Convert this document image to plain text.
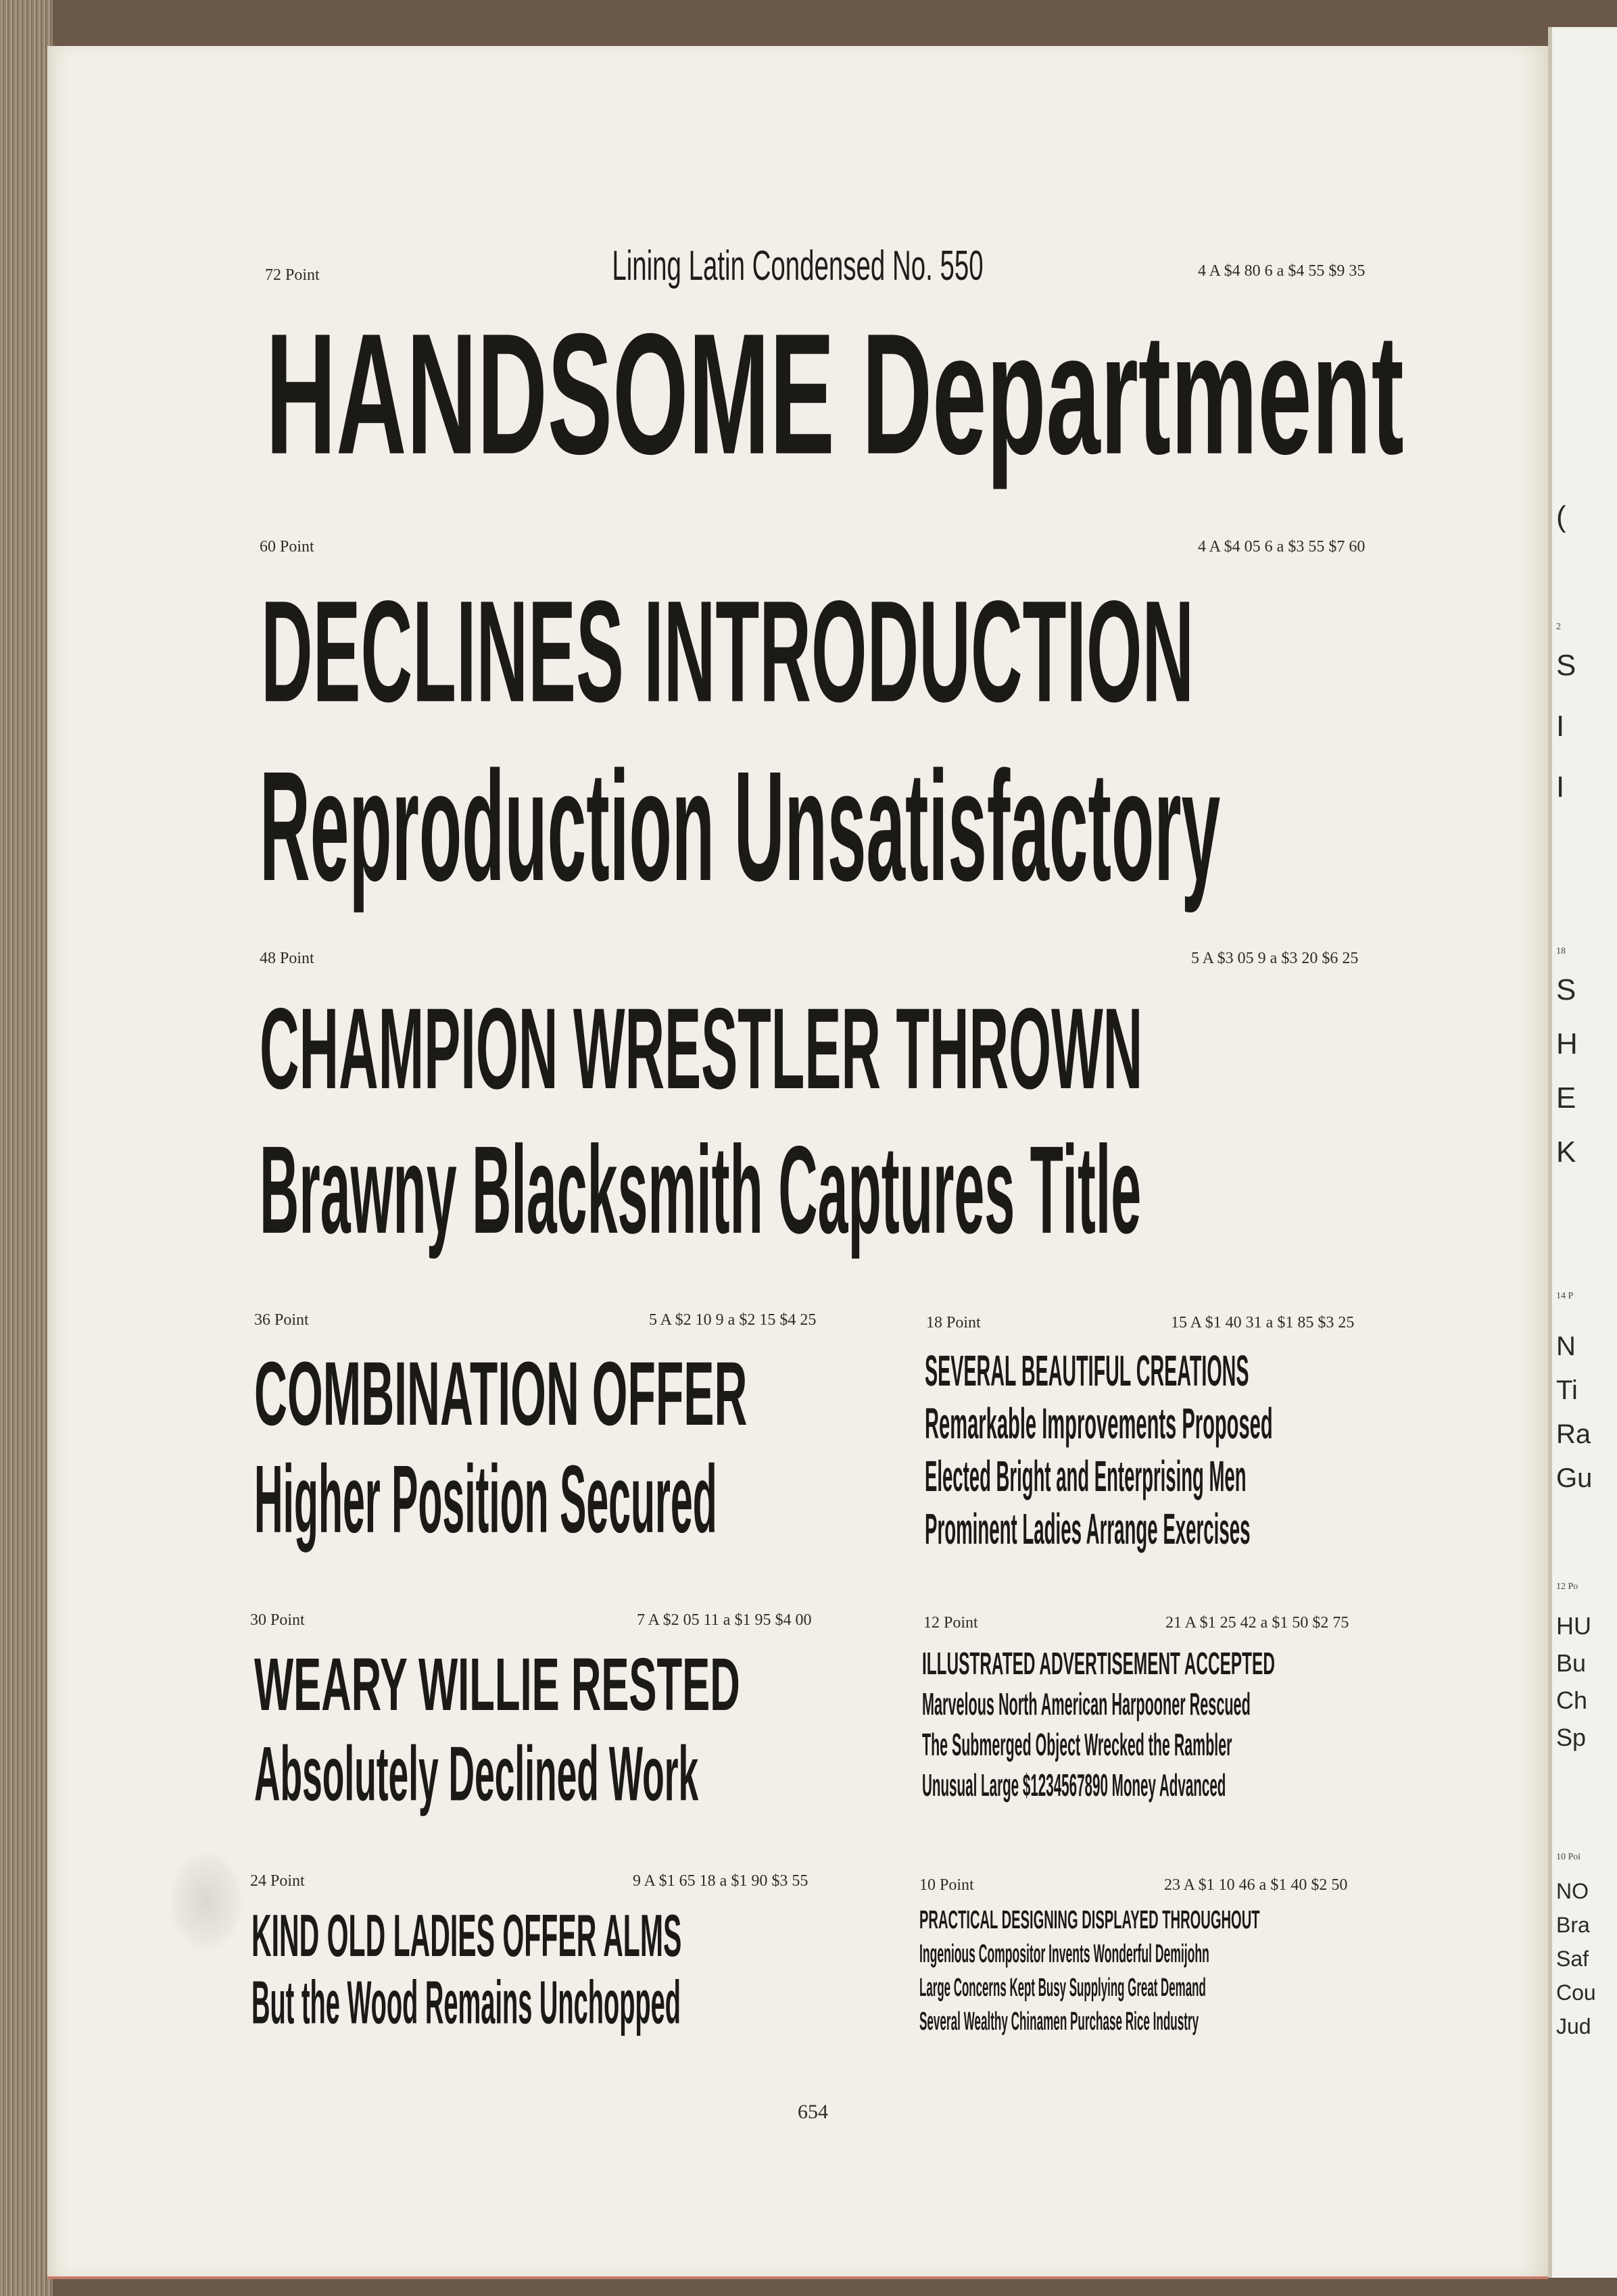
(
2
S
I
I
18
S
H
E
K
14 P
N
Ti
Ra
Gu
12 Po
HU
Bu
Ch
Sp
10 Poi
NO
Bra
Saf
Cou
Jud
Lining Latin Condensed No. 550
72 Point	4 A $4 80 6 a $4 55 $9 35
HANDSOME Department
60 Point	4 A $4 05 6 a $3 55 $7 60
DECLINES INTRODUCTION
Reproduction Unsatisfactory
48 Point	5 A $3 05 9 a $3 20 $6 25
CHAMPION WRESTLER THROWN
Brawny Blacksmith Captures Title
36 Point	5 A $2 10 9 a $2 15 $4 25
COMBINATION OFFER
Higher Position Secured
30 Point	7 A $2 05 11 a $1 95 $4 00
WEARY WILLIE RESTED
Absolutely Declined Work
24 Point	9 A $1 65 18 a $1 90 $3 55
KIND OLD LADIES OFFER ALMS
But the Wood Remains Unchopped
18 Point	15 A $1 40 31 a $1 85 $3 25
SEVERAL BEAUTIFUL CREATIONS
Remarkable Improvements Proposed
Elected Bright and Enterprising Men
Prominent Ladies Arrange Exercises
12 Point	21 A $1 25 42 a $1 50 $2 75
ILLUSTRATED ADVERTISEMENT ACCEPTED
Marvelous North American Harpooner Rescued
The Submerged Object Wrecked the Rambler
Unusual Large $1234567890 Money Advanced
10 Point	23 A $1 10 46 a $1 40 $2 50
PRACTICAL DESIGNING DISPLAYED THROUGHOUT
Ingenious Compositor Invents Wonderful Demijohn
Large Concerns Kept Busy Supplying Great Demand
Several Wealthy Chinamen Purchase Rice Industry
654
